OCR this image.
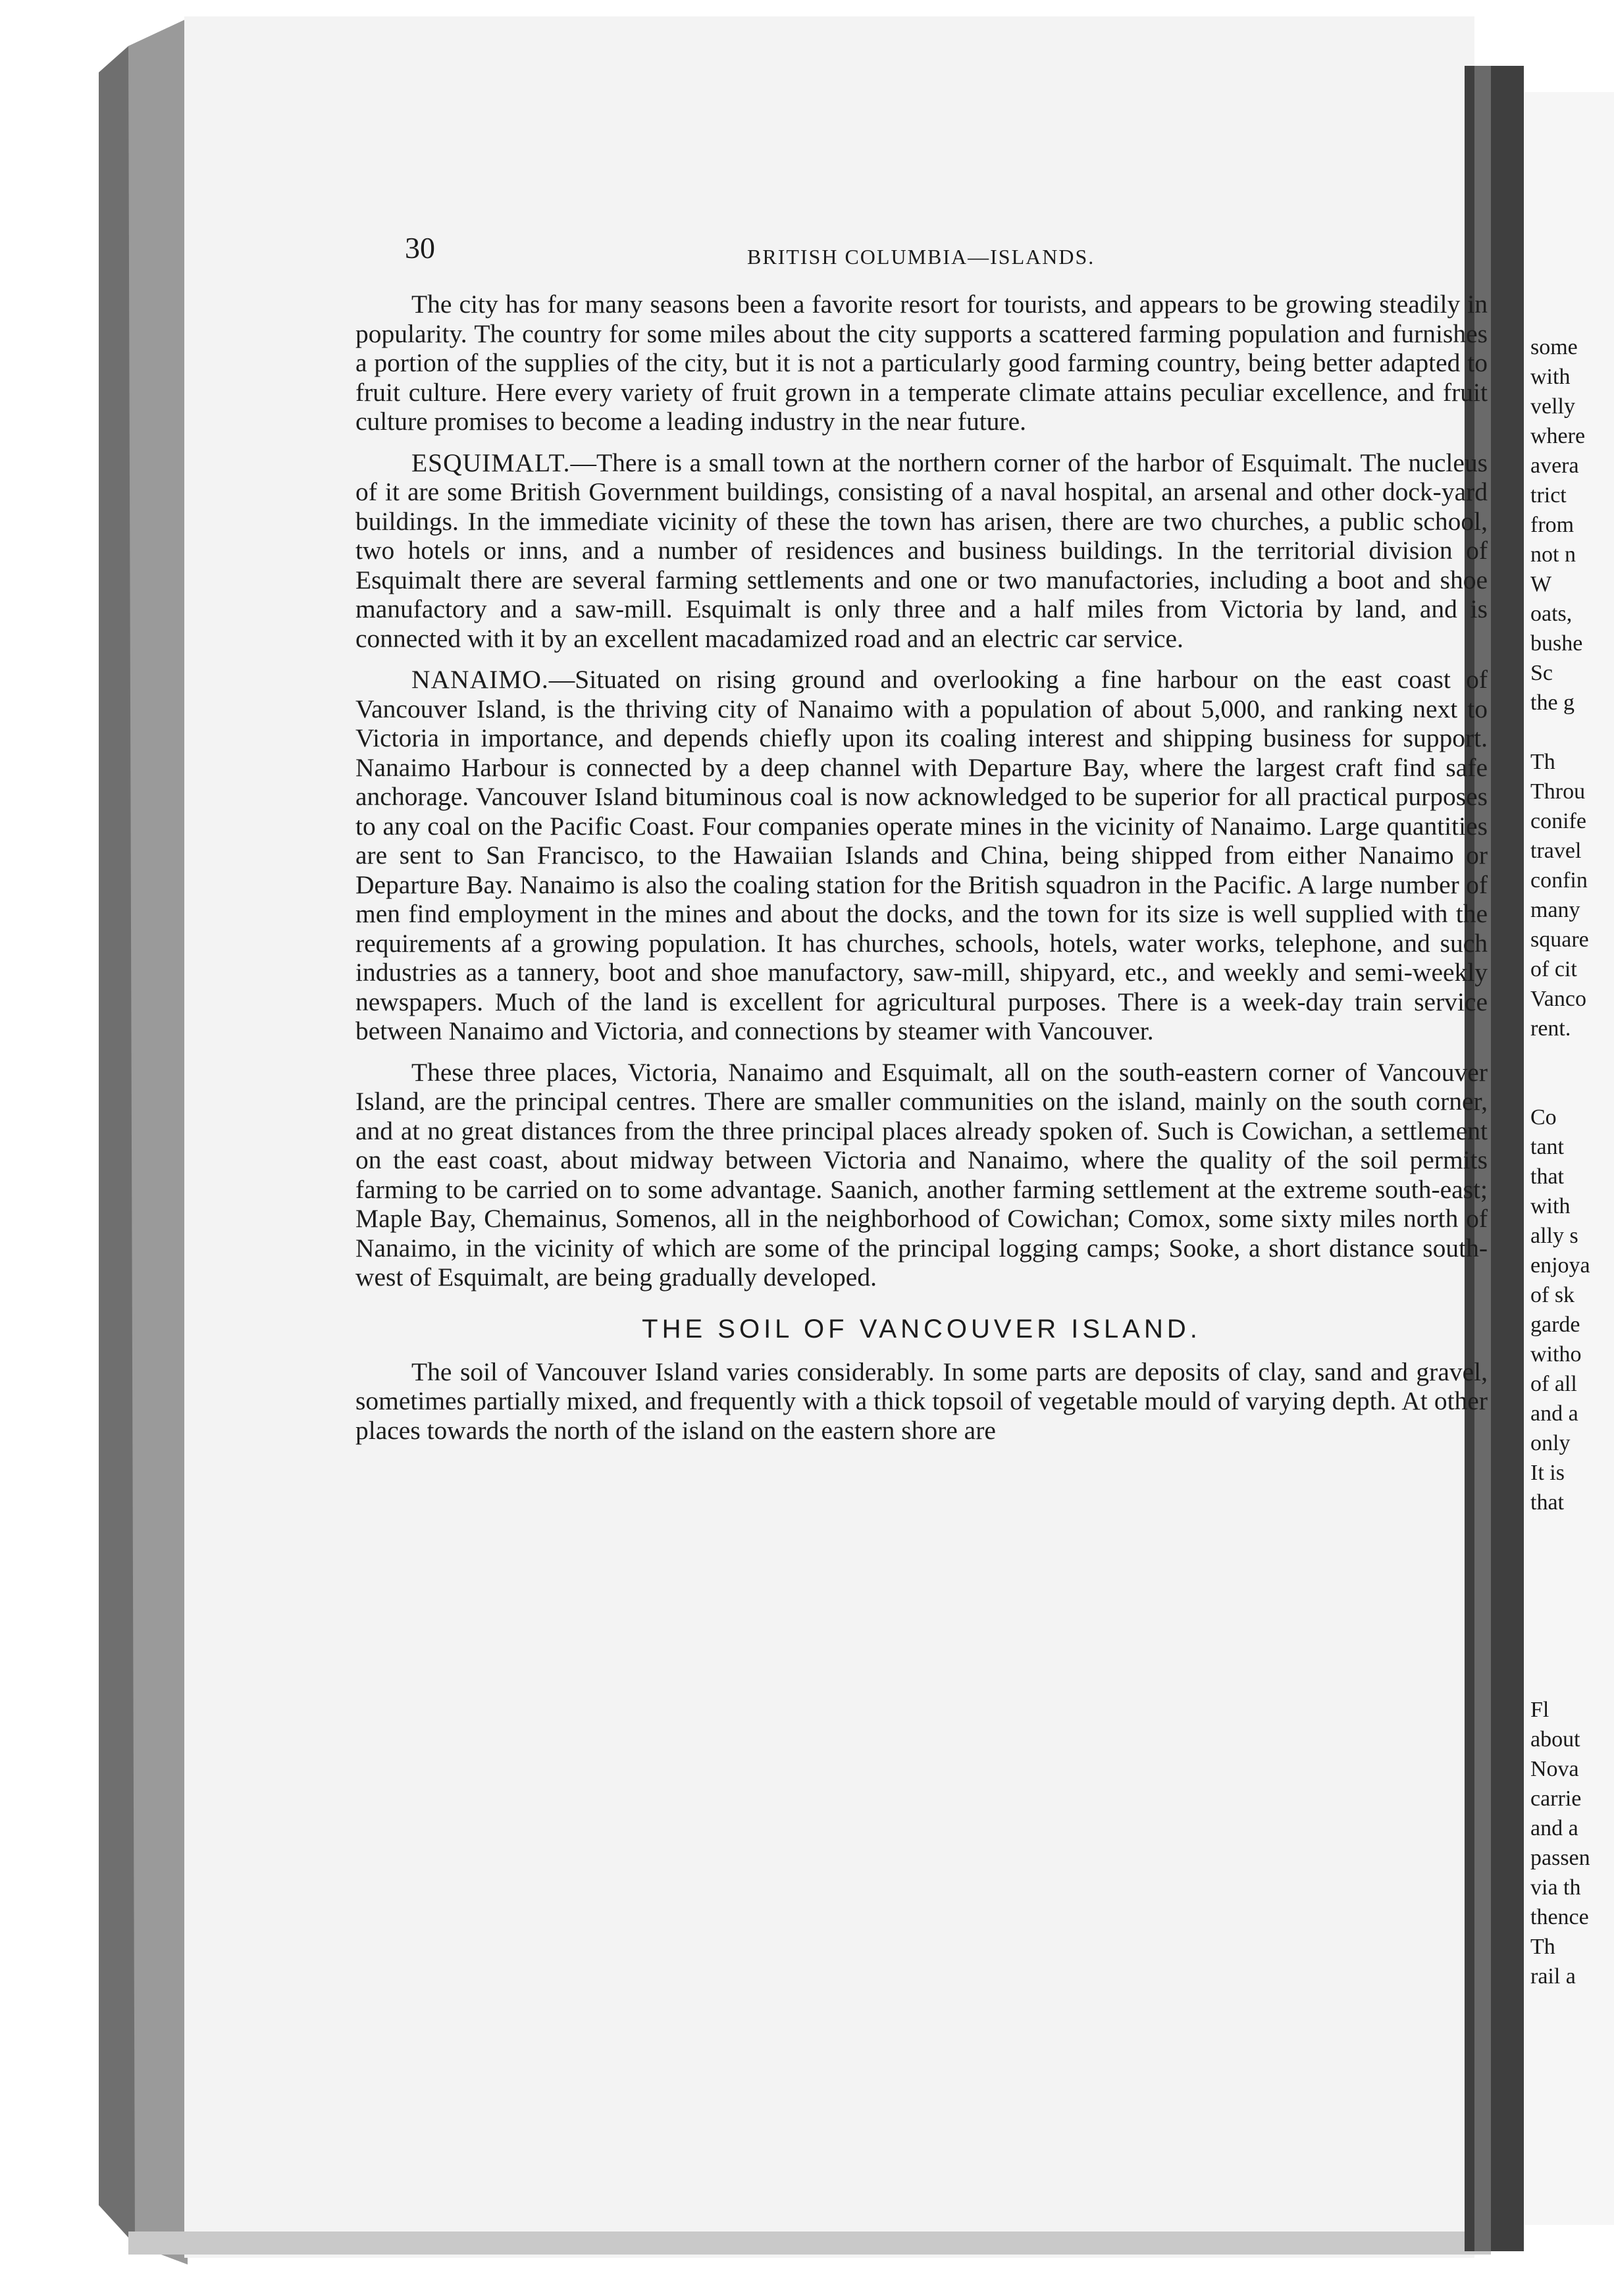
30	BRITISH COLUMBIA—ISLANDS.

The city has for many seasons been a favorite resort for tourists, and appears to be growing steadily in popularity. The country for some miles about the city supports a scattered farming population and furnishes a portion of the supplies of the city, but it is not a particularly good farming country, being better adapted to fruit culture. Here every variety of fruit grown in a temperate climate attains peculiar excellence, and fruit culture promises to become a leading industry in the near future.

ESQUIMALT.—There is a small town at the northern corner of the harbor of Esquimalt. The nucleus of it are some British Government buildings, consisting of a naval hospital, an arsenal and other dock-yard buildings. In the immediate vicinity of these the town has arisen, there are two churches, a public school, two hotels or inns, and a number of residences and business buildings. In the territorial division of Esquimalt there are several farming settlements and one or two manufactories, including a boot and shoe manufactory and a saw-mill. Esquimalt is only three and a half miles from Victoria by land, and is connected with it by an excellent macadamized road and an electric car service.

NANAIMO.—Situated on rising ground and overlooking a fine harbour on the east coast of Vancouver Island, is the thriving city of Nanaimo with a population of about 5,000, and ranking next to Victoria in importance, and depends chiefly upon its coaling interest and shipping business for support. Nanaimo Harbour is connected by a deep channel with Departure Bay, where the largest craft find safe anchorage. Vancouver Island bituminous coal is now acknowledged to be superior for all practical purposes to any coal on the Pacific Coast. Four companies operate mines in the vicinity of Nanaimo. Large quantities are sent to San Francisco, to the Hawaiian Islands and China, being shipped from either Nanaimo or Departure Bay. Nanaimo is also the coaling station for the British squadron in the Pacific. A large number of men find employment in the mines and about the docks, and the town for its size is well supplied with the requirements af a growing population. It has churches, schools, hotels, water works, telephone, and such industries as a tannery, boot and shoe manufactory, saw-mill, shipyard, etc., and weekly and semi-weekly newspapers. Much of the land is excellent for agricultural purposes. There is a week-day train service between Nanaimo and Victoria, and connections by steamer with Vancouver.

These three places, Victoria, Nanaimo and Esquimalt, all on the south-eastern corner of Vancouver Island, are the principal centres. There are smaller communities on the island, mainly on the south corner, and at no great distances from the three principal places already spoken of. Such is Cowichan, a settlement on the east coast, about midway between Victoria and Nanaimo, where the quality of the soil permits farming to be carried on to some advantage. Saanich, another farming settlement at the extreme south-east; Maple Bay, Chemainus, Somenos, all in the neighborhood of Cowichan; Comox, some sixty miles north of Nanaimo, in the vicinity of which are some of the principal logging camps; Sooke, a short distance south-west of Esquimalt, are being gradually developed.

THE SOIL OF VANCOUVER ISLAND.

The soil of Vancouver Island varies considerably. In some parts are deposits of clay, sand and gravel, sometimes partially mixed, and frequently with a thick topsoil of vegetable mould of varying depth. At other places towards the north of the island on the eastern shore are

some
with
velly
where
avera
trict
from
not n
W
oats,
bushe
Sc
the g
Th
Throu
conife
travel
confin
many
square
of cit
Vanco
rent.
Co
tant
that
with
ally s
enjoya
of sk
garde
witho
of all
and a
only
It is
that
Fl
about
Nova
carrie
and a
passen
via th
thence
Th
rail a
